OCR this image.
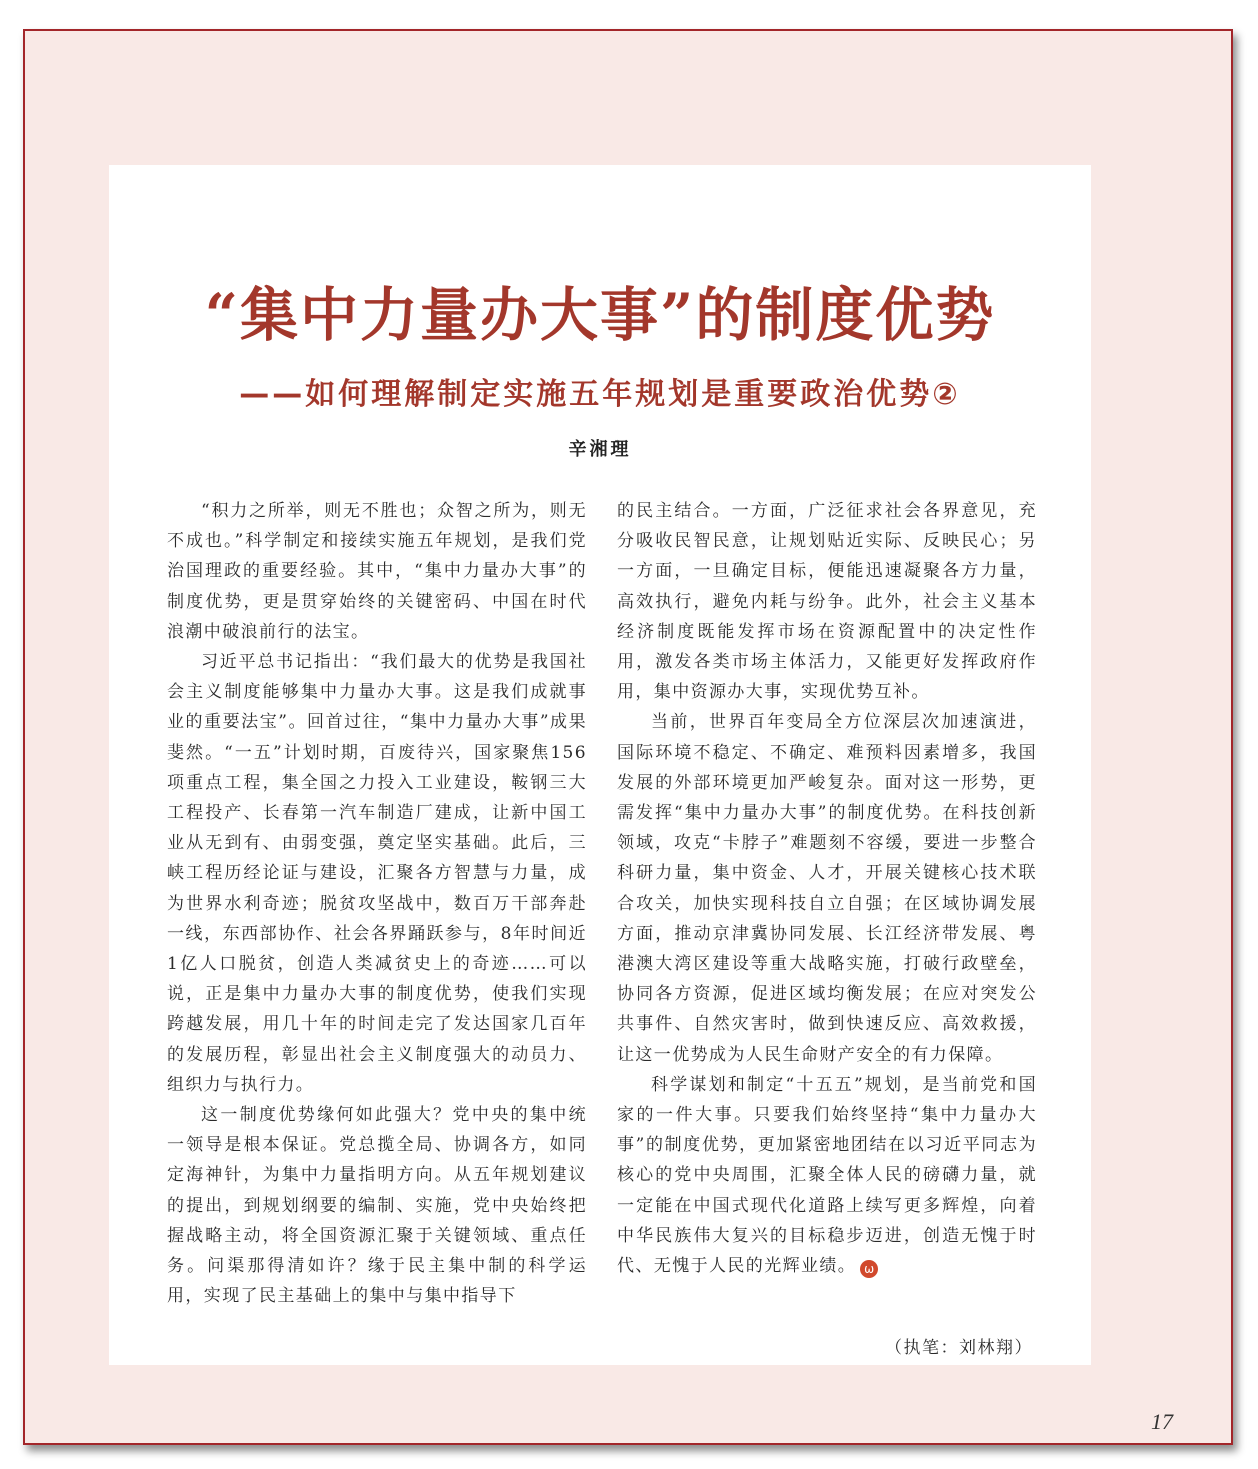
“集中力量办大事”的制度优势
——如何理解制定实施五年规划是重要政治优势②
辛湘理

“积力之所举，则无不胜也；众智之所为，则无不成也。”科学制定和接续实施五年规划，是我们党治国理政的重要经验。其中，“集中力量办大事”的制度优势，更是贯穿始终的关键密码、中国在时代浪潮中破浪前行的法宝。

习近平总书记指出：“我们最大的优势是我国社会主义制度能够集中力量办大事。这是我们成就事业的重要法宝”。回首过往，“集中力量办大事”成果斐然。“一五”计划时期，百废待兴，国家聚焦156项重点工程，集全国之力投入工业建设，鞍钢三大工程投产、长春第一汽车制造厂建成，让新中国工业从无到有、由弱变强，奠定坚实基础。此后，三峡工程历经论证与建设，汇聚各方智慧与力量，成为世界水利奇迹；脱贫攻坚战中，数百万干部奔赴一线，东西部协作、社会各界踊跃参与，8年时间近1亿人口脱贫，创造人类减贫史上的奇迹……可以说，正是集中力量办大事的制度优势，使我们实现跨越发展，用几十年的时间走完了发达国家几百年的发展历程，彰显出社会主义制度强大的动员力、组织力与执行力。

这一制度优势缘何如此强大？党中央的集中统一领导是根本保证。党总揽全局、协调各方，如同定海神针，为集中力量指明方向。从五年规划建议的提出，到规划纲要的编制、实施，党中央始终把握战略主动，将全国资源汇聚于关键领域、重点任务。问渠那得清如许？缘于民主集中制的科学运用，实现了民主基础上的集中与集中指导下

的民主结合。一方面，广泛征求社会各界意见，充分吸收民智民意，让规划贴近实际、反映民心；另一方面，一旦确定目标，便能迅速凝聚各方力量，高效执行，避免内耗与纷争。此外，社会主义基本经济制度既能发挥市场在资源配置中的决定性作用，激发各类市场主体活力，又能更好发挥政府作用，集中资源办大事，实现优势互补。

当前，世界百年变局全方位深层次加速演进，国际环境不稳定、不确定、难预料因素增多，我国发展的外部环境更加严峻复杂。面对这一形势，更需发挥“集中力量办大事”的制度优势。在科技创新领域，攻克“卡脖子”难题刻不容缓，要进一步整合科研力量，集中资金、人才，开展关键核心技术联合攻关，加快实现科技自立自强；在区域协调发展方面，推动京津冀协同发展、长江经济带发展、粤港澳大湾区建设等重大战略实施，打破行政壁垒，协同各方资源，促进区域均衡发展；在应对突发公共事件、自然灾害时，做到快速反应、高效救援，让这一优势成为人民生命财产安全的有力保障。

科学谋划和制定“十五五”规划，是当前党和国家的一件大事。只要我们始终坚持“集中力量办大事”的制度优势，更加紧密地团结在以习近平同志为核心的党中央周围，汇聚全体人民的磅礴力量，就一定能在中国式现代化道路上续写更多辉煌，向着中华民族伟大复兴的目标稳步迈进，创造无愧于时代、无愧于人民的光辉业绩。 ω

（执笔：刘林翔）
17
